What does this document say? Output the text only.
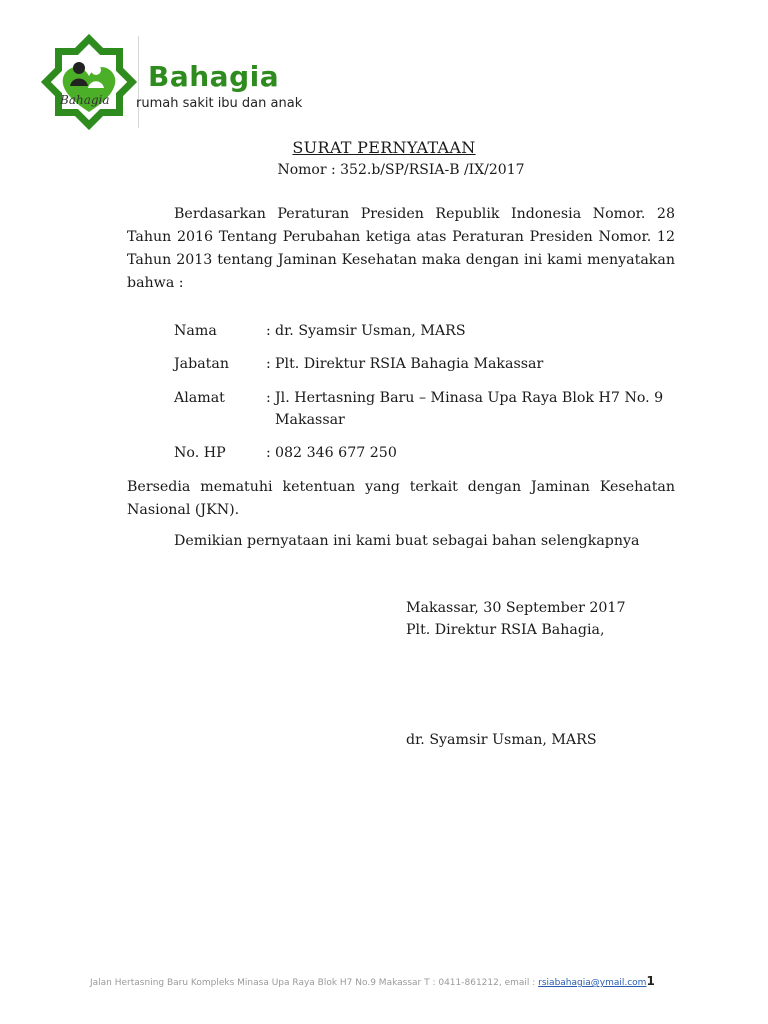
Bahagia
Bahagia
rumah sakit ibu dan anak
SURAT PERNYATAAN
Nomor : 352.b/SP/RSIA-B /IX/2017
Berdasarkan Peraturan Presiden Republik Indonesia Nomor. 28 Tahun 2016 Tentang Perubahan ketiga atas Peraturan Presiden Nomor. 12 Tahun 2013 tentang Jaminan Kesehatan maka dengan ini kami menyatakan bahwa :
Nama	: dr. Syamsir Usman, MARS
Jabatan	: Plt. Direktur RSIA Bahagia Makassar
Alamat	: Jl. Hertasning Baru – Minasa Upa Raya Blok H7 No. 9
Makassar
No. HP	: 082 346 677 250
Bersedia mematuhi ketentuan yang terkait dengan Jaminan Kesehatan Nasional (JKN).
Demikian pernyataan ini kami buat sebagai bahan selengkapnya
Makassar, 30 September 2017
Plt. Direktur RSIA Bahagia,
dr. Syamsir Usman, MARS
Jalan Hertasning Baru Kompleks Minasa Upa Raya Blok H7 No.9 Makassar T : 0411-861212, email : rsiabahagia@ymail.com1
